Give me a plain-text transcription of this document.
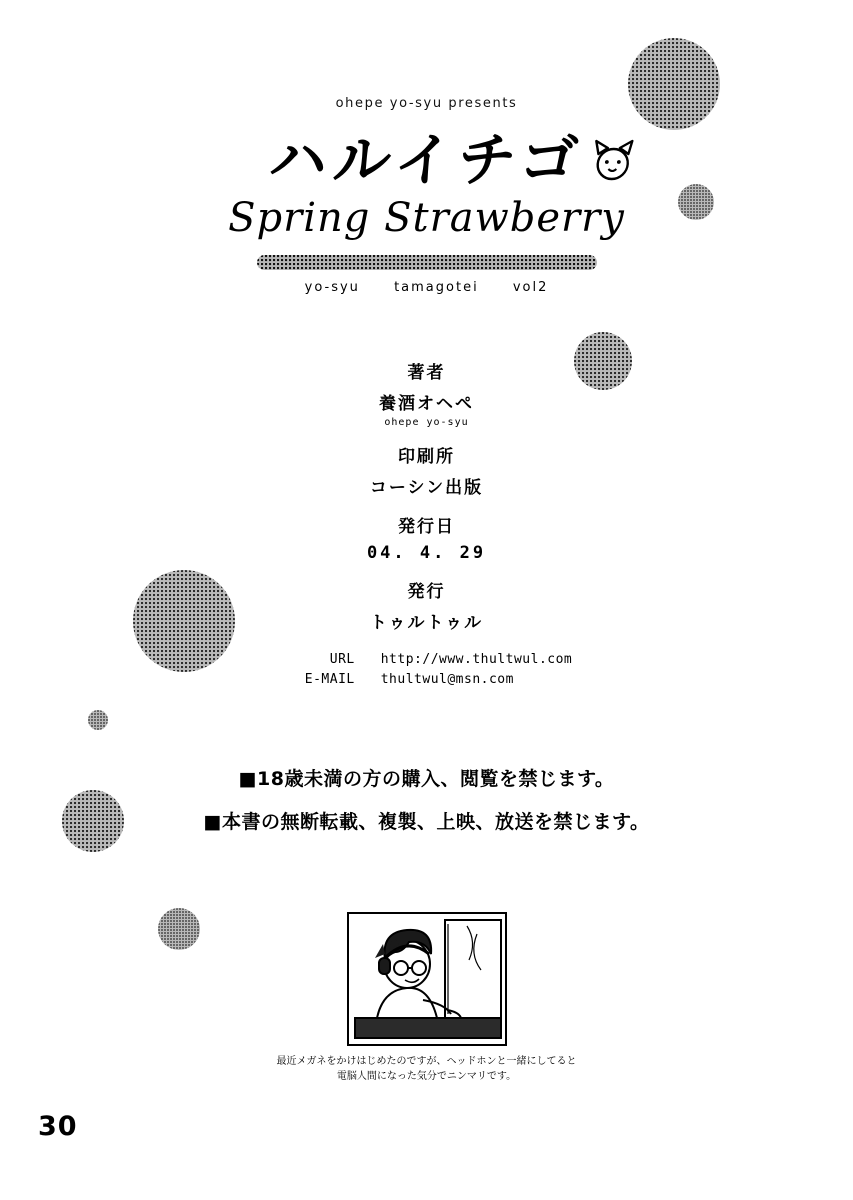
ohepe yo-syu presents
ハルイチゴ
Spring Strawberry
yo-syu	tamagotei	vol2
著者
養酒オヘペ
ohepe yo-syu
印刷所
コーシン出版
発行日
04. 4. 29
発行
トゥルトゥル
URL http://www.thultwul.com
E-MAIL thultwul@msn.com
■18歳未満の方の購入、閲覧を禁じます。
■本書の無断転載、複製、上映、放送を禁じます。
最近メガネをかけはじめたのですが、ヘッドホンと一緒にしてると
電脳人間になった気分でニンマリです。
30
